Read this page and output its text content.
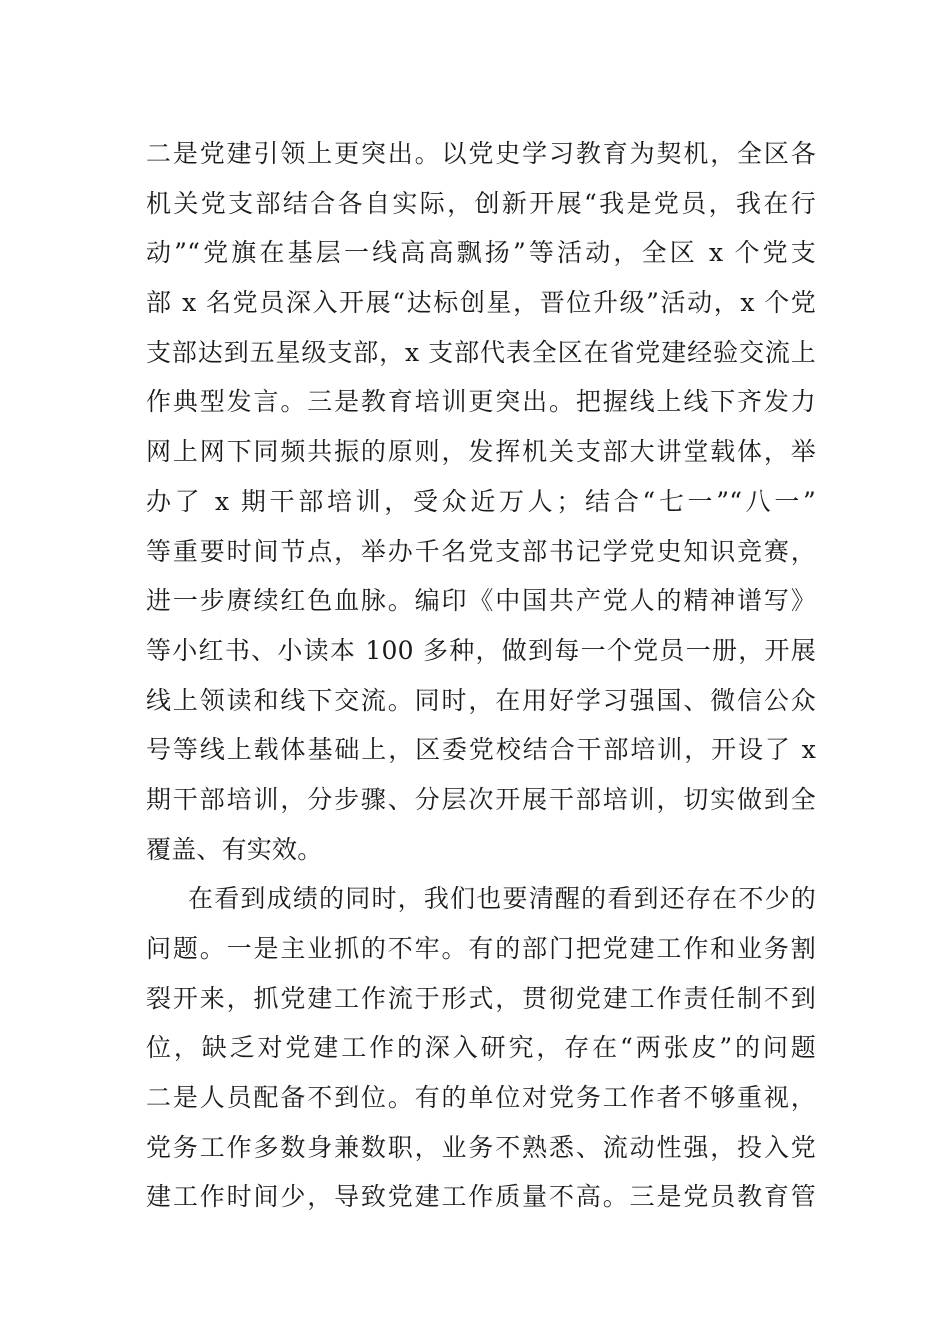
二是党建引领上更突出。以党史学习教育为契机，全区各
机关党支部结合各自实际，创新开展“我是党员，我在行
动”“党旗在基层一线高高飘扬”等活动，全区 x 个党支
部 x 名党员深入开展“达标创星，晋位升级”活动，x 个党
支部达到五星级支部，x 支部代表全区在省党建经验交流上
作典型发言。三是教育培训更突出。把握线上线下齐发力
网上网下同频共振的原则，发挥机关支部大讲堂载体，举
办了 x 期干部培训，受众近万人；结合“七一”“八一”
等重要时间节点，举办千名党支部书记学党史知识竞赛，
进一步赓续红色血脉。编印《中国共产党人的精神谱写》
等小红书、小读本 100 多种，做到每一个党员一册，开展
线上领读和线下交流。同时，在用好学习强国、微信公众
号等线上载体基础上，区委党校结合干部培训，开设了 x
期干部培训，分步骤、分层次开展干部培训，切实做到全
覆盖、有实效。
在看到成绩的同时，我们也要清醒的看到还存在不少的
问题。一是主业抓的不牢。有的部门把党建工作和业务割
裂开来，抓党建工作流于形式，贯彻党建工作责任制不到
位，缺乏对党建工作的深入研究，存在“两张皮”的问题
二是人员配备不到位。有的单位对党务工作者不够重视，
党务工作多数身兼数职，业务不熟悉、流动性强，投入党
建工作时间少，导致党建工作质量不高。三是党员教育管
